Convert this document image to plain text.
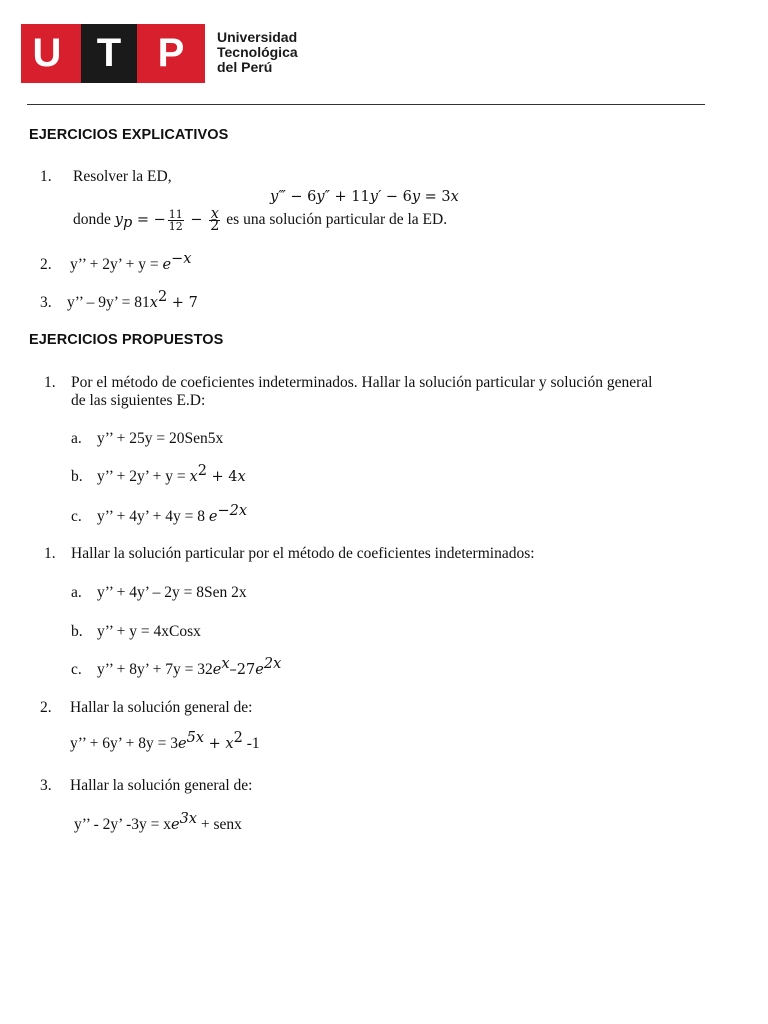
U T P	Universidad
Tecnológica
del Perú
EJERCICIOS EXPLICATIVOS
1. Resolver la ED,
y‴ − 6y″ + 11y′ − 6y = 3x
donde $y_p$ = − $\frac{11}{12} - \frac{x}{2}$ es una solución particular de la ED.
2. y’’ + 2y’ + $y = e^{-x}$
3. y’’ – 9y’ = $81x^2 + 7$
EJERCICIOS PROPUESTOS
1. Por el método de coeficientes indeterminados. Hallar la solución particular y solución general
de las siguientes E.D:
a. y’’ + 25y = 20Sen5x
b. y’’ + 2y’ + $y = x^2 + 4x$
c. y’’ + 4y’ + 4y = 8 $e^{-2x}$
1. Hallar la solución particular por el método de coeficientes indeterminados:
a. y’’ + 4y’ – 2y = 8Sen 2x
b. y’’ + y = 4xCosx
c. y’’ + 8y’ + $7y = 32e^x-27e^{2x}$
2. Hallar la solución general de:
y’’ + 6y’ + $8y = 3e^{5x} + x^2$ -1
3. Hallar la solución general de:
y’’ - 2y’ $-3y = xe^{3x}$ + senx
